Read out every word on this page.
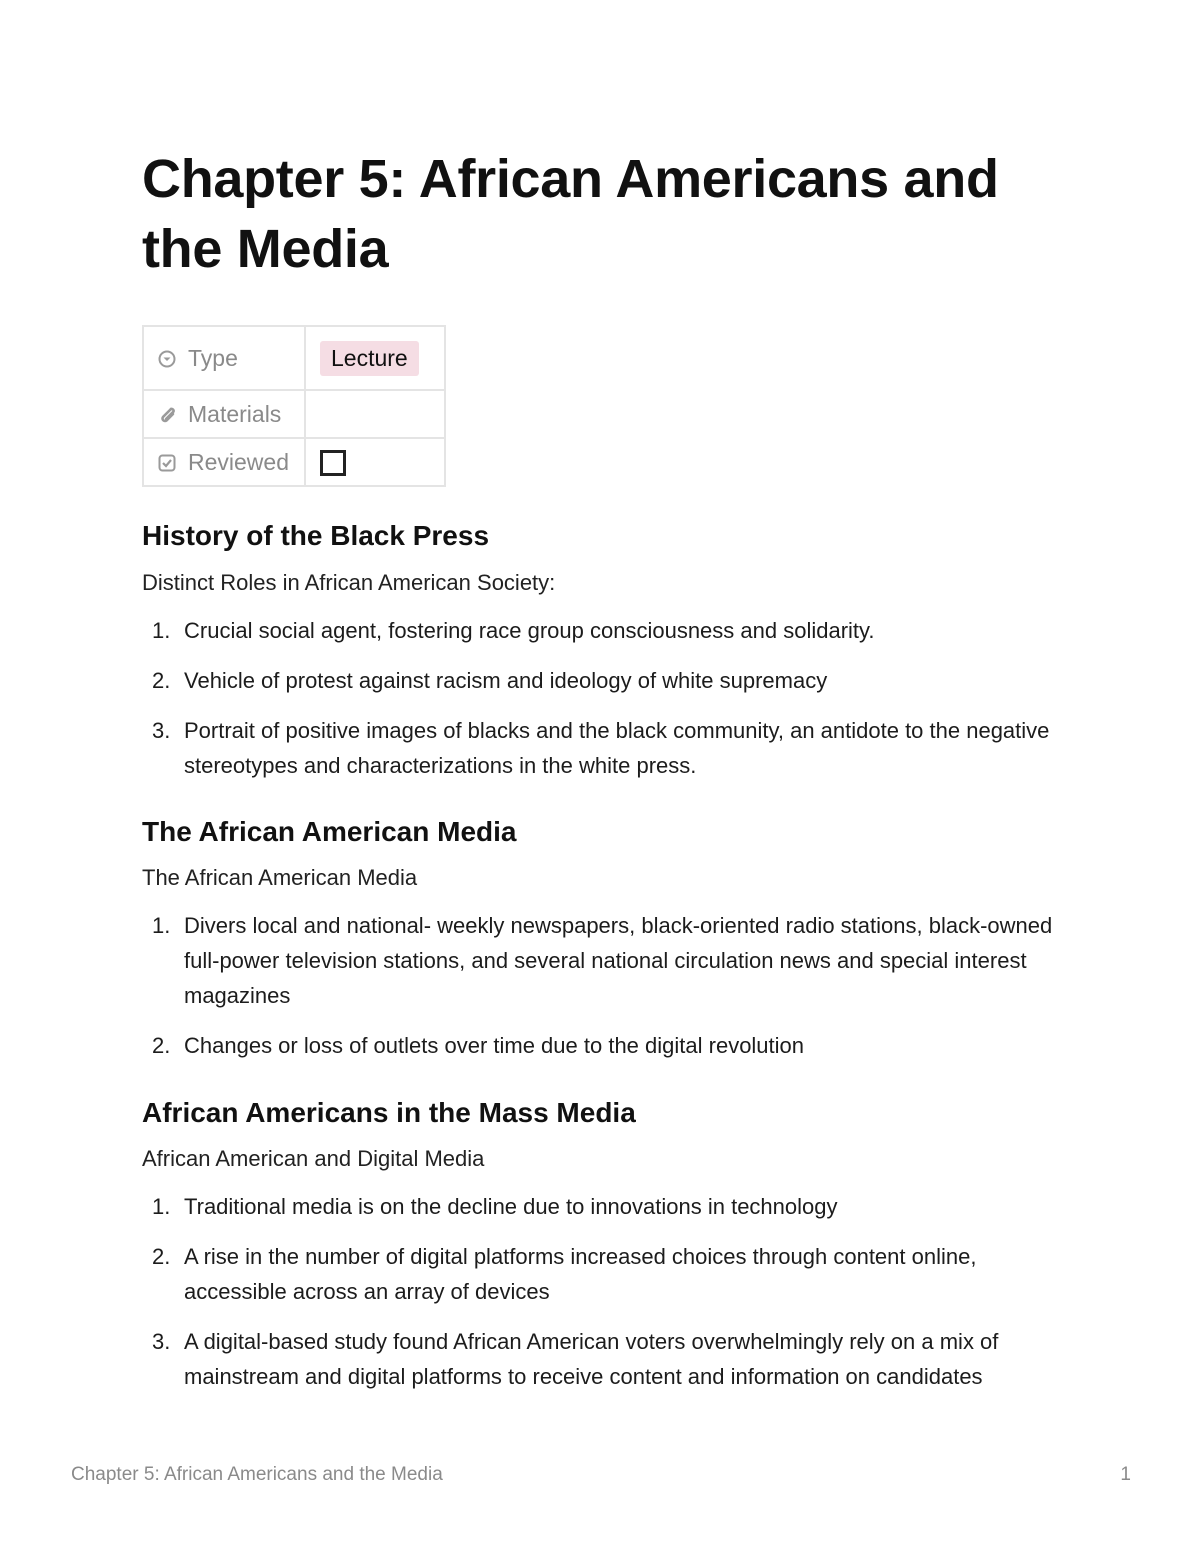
Chapter 5: African Americans and the Media
Type	Lecture
Materials	
Reviewed	
History of the Black Press

Distinct Roles in African American Society:

1. Crucial social agent, fostering race group consciousness and solidarity.
2. Vehicle of protest against racism and ideology of white supremacy
3. Portrait of positive images of blacks and the black community, an antidote to the negative stereotypes and characterizations in the white press.
The African American Media

The African American Media

1. Divers local and national- weekly newspapers, black-oriented radio stations, black-owned full-power television stations, and several national circulation news and special interest magazines
2. Changes or loss of outlets over time due to the digital revolution
African Americans in the Mass Media

African American and Digital Media

1. Traditional media is on the decline due to innovations in technology
2. A rise in the number of digital platforms increased choices through content online, accessible across an array of devices
3. A digital-based study found African American voters overwhelmingly rely on a mix of mainstream and digital platforms to receive content and information on candidates
Chapter 5: African Americans and the Media	1
